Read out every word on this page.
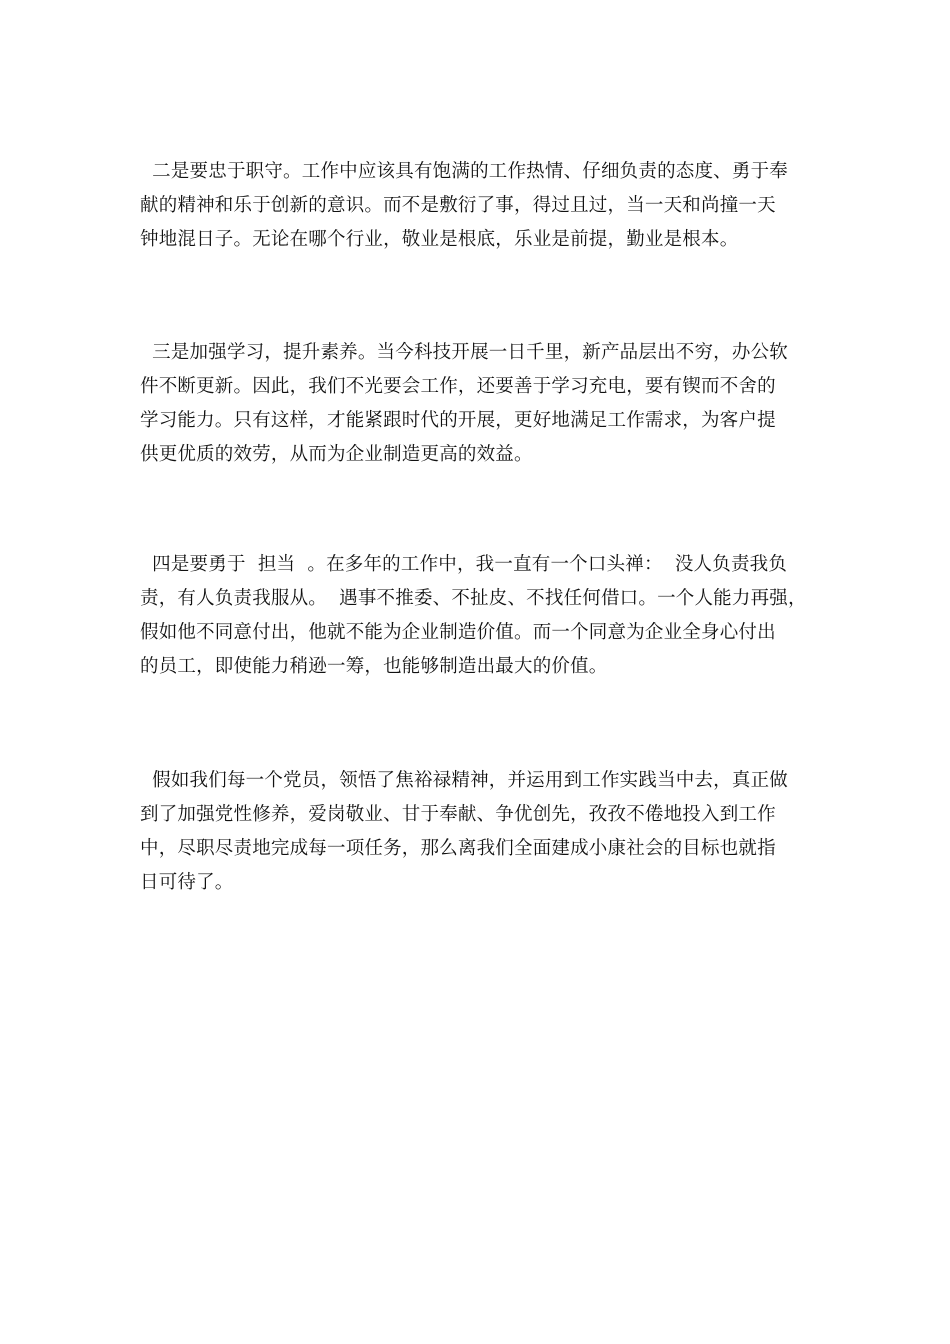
二是要忠于职守。工作中应该具有饱满的工作热情、仔细负责的态度、勇于奉
献的精神和乐于创新的意识。而不是敷衍了事，得过且过，当一天和尚撞一天
钟地混日子。无论在哪个行业，敬业是根底，乐业是前提，勤业是根本。
三是加强学习，提升素养。当今科技开展一日千里，新产品层出不穷，办公软
件不断更新。因此，我们不光要会工作，还要善于学习充电，要有锲而不舍的
学习能力。只有这样，才能紧跟时代的开展，更好地满足工作需求，为客户提
供更优质的效劳，从而为企业制造更高的效益。
四是要勇于  担当  。在多年的工作中，我一直有一个口头禅：  没人负责我负
责，有人负责我服从。  遇事不推委、不扯皮、不找任何借口。一个人能力再强，
假如他不同意付出，他就不能为企业制造价值。而一个同意为企业全身心付出
的员工，即使能力稍逊一筹，也能够制造出最大的价值。
假如我们每一个党员，领悟了焦裕禄精神，并运用到工作实践当中去，真正做
到了加强党性修养，爱岗敬业、甘于奉献、争优创先，孜孜不倦地投入到工作
中，尽职尽责地完成每一项任务，那么离我们全面建成小康社会的目标也就指
日可待了。
